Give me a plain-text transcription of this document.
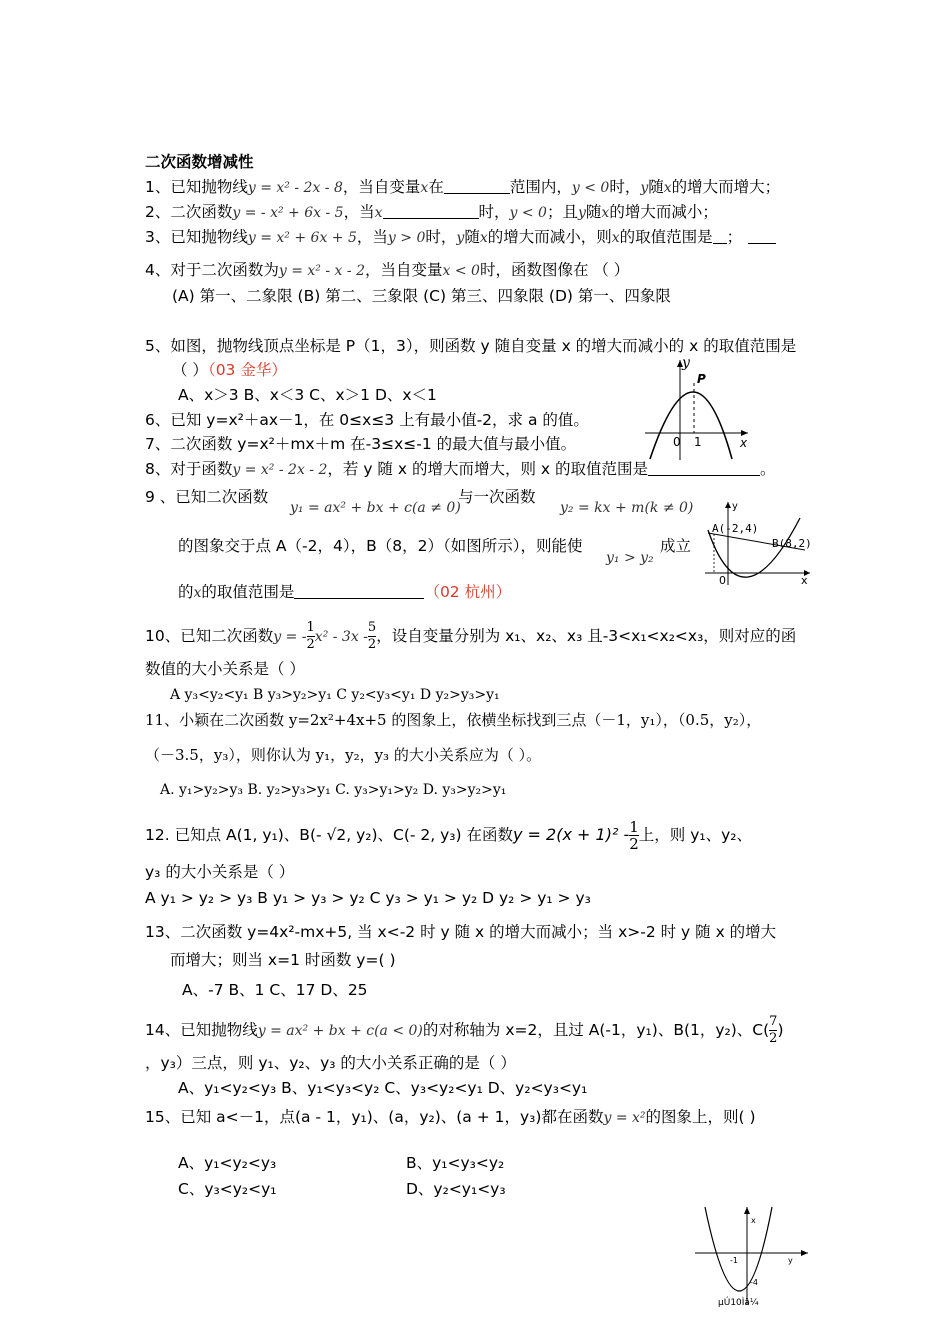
二次函数增减性
1、已知抛物线y = x² - 2x - 8，当自变量x在	范围内，y < 0时，y随x的增大而增大；
2、二次函数y = - x² + 6x - 5，当x	时，y < 0；且y随x的增大而减小；
3、已知抛物线y = x² + 6x + 5，当y > 0时，y随x的增大而减小，则x的取值范围是 ；
4、对于二次函数为y = x² - x - 2，当自变量x < 0时，函数图像在 （ ）
(A) 第一、二象限 (B) 第二、三象限 (C) 第三、四象限 (D) 第一、四象限
5、如图，抛物线顶点坐标是 P（1，3），则函数 y 随自变量 x 的增大而减小的 x 的取值范围是
（ ）（03 金华）
A、x＞3 B、x＜3 C、x＞1 D、x＜1
y
P
0 1	x
6、已知 y=x²＋ax－1，在 0≤x≤3 上有最小值-2，求 a 的值。
7、二次函数 y=x²＋mx＋m 在-3≤x≤-1 的最大值与最小值。
8、对于函数y = x² - 2x - 2，若 y 随 x 的增大而增大，则 x 的取值范围是	。
9 、已知二次函数
y₁ = ax² + bx + c(a ≠ 0)
与一次函数
y₂ = kx + m(k ≠ 0)
的图象交于点 A（-2，4），B（8，2）（如图所示），则能使
y₁ > y₂
成立
的x的取值范围是	（02 杭州）
A(-2,4)
B(8,2)
y
0	x
10、已知二次函数y = - $\frac{1}{2} x^2 - 3x - \frac{5}{2}$ ，设自变量分别为 x₁、x₂、x₃ 且-3<x₁<x₂<x₃，则对应的函
数值的大小关系是（ ）
A y₃<y₂<y₁ B y₃>y₂>y₁ C y₂<y₃<y₁ D y₂>y₃>y₁
11、小颖在二次函数 y=2x²+4x+5 的图象上，依横坐标找到三点（－1，y₁），（0.5，y₂），
（－3.5，y₃），则你认为 y₁，y₂，y₃ 的大小关系应为（ ）。
A. y₁>y₂>y₃ B. y₂>y₃>y₁ C. y₃>y₁>y₂ D. y₃>y₂>y₁
12. 已知点 A(1, y₁)、B(- √2, y₂)、C(- 2, y₃) 在函数$y = 2(x + 1)^2 - \frac{1}{2}$ 上，则 y₁、y₂、
y₃ 的大小关系是（ ）
A y₁ > y₂ > y₃ B y₁ > y₃ > y₂ C y₃ > y₁ > y₂ D y₂ > y₁ > y₃
13、二次函数 y=4x²-mx+5, 当 x<-2 时 y 随 x 的增大而减小；当 x>-2 时 y 随 x 的增大
而增大；则当 x=1 时函数 y=( )
A、-7 B、1 C、17 D、25
14、已知抛物线y = ax² + bx + c(a < 0)的对称轴为 x=2，且过 A(-1，y₁)、B(1，y₂)、$C( \frac{7}{2}$ )
，y₃）三点，则 y₁、y₂、y₃ 的大小关系正确的是（ ）
A、y₁<y₂<y₃ B、y₁<y₃<y₂ C、y₃<y₂<y₁ D、y₂<y₃<y₁
15、已知 a<－1，点(a - 1，y₁)、(a，y₂)、(a + 1，y₃)都在函数y = x²的图象上，则( )
A、y₁<y₂<y₃	B、y₁<y₃<y₂
C、y₃<y₂<y₁	D、y₂<y₁<y₃
x
y
-1
-4
µÚ10Ìâ¼
